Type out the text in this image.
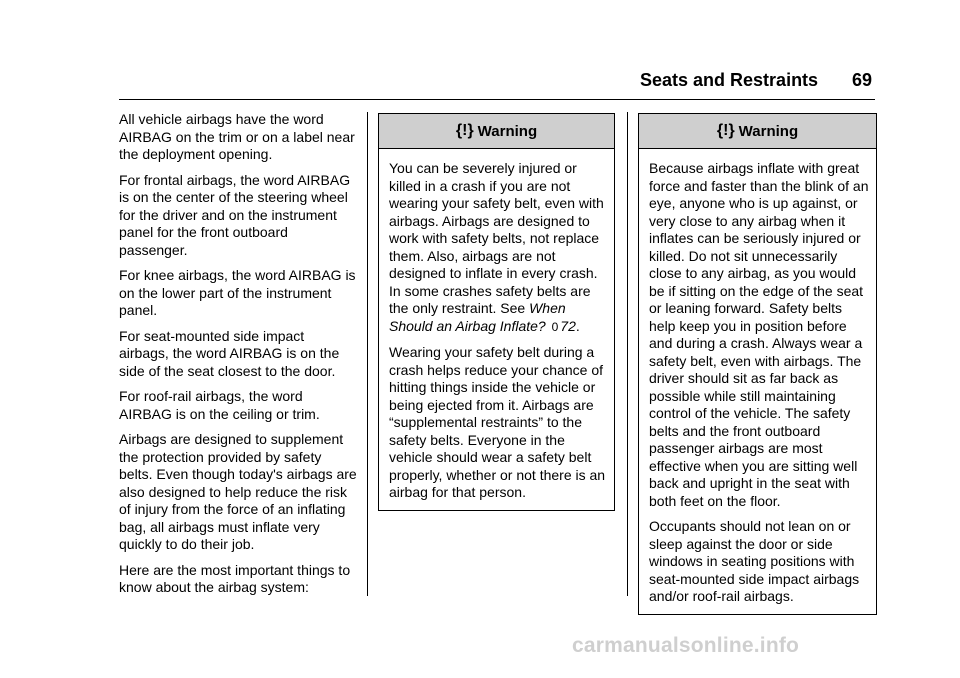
Seats and Restraints 69

All vehicle airbags have the word AIRBAG on the trim or on a label near the deployment opening.

For frontal airbags, the word AIRBAG is on the center of the steering wheel for the driver and on the instrument panel for the front outboard passenger.

For knee airbags, the word AIRBAG is on the lower part of the instrument panel.

For seat-mounted side impact airbags, the word AIRBAG is on the side of the seat closest to the door.

For roof-rail airbags, the word AIRBAG is on the ceiling or trim.

Airbags are designed to supplement the protection provided by safety belts. Even though today's airbags are also designed to help reduce the risk of injury from the force of an inflating bag, all airbags must inflate very quickly to do their job.

Here are the most important things to know about the airbag system:

{!} Warning

You can be severely injured or killed in a crash if you are not wearing your safety belt, even with airbags. Airbags are designed to work with safety belts, not replace them. Also, airbags are not designed to inflate in every crash. In some crashes safety belts are the only restraint. See When Should an Airbag Inflate? 0 72.

Wearing your safety belt during a crash helps reduce your chance of hitting things inside the vehicle or being ejected from it. Airbags are “supplemental restraints” to the safety belts. Everyone in the vehicle should wear a safety belt properly, whether or not there is an airbag for that person.

{!} Warning

Because airbags inflate with great force and faster than the blink of an eye, anyone who is up against, or very close to any airbag when it inflates can be seriously injured or killed. Do not sit unnecessarily close to any airbag, as you would be if sitting on the edge of the seat or leaning forward. Safety belts help keep you in position before and during a crash. Always wear a safety belt, even with airbags. The driver should sit as far back as possible while still maintaining control of the vehicle. The safety belts and the front outboard passenger airbags are most effective when you are sitting well back and upright in the seat with both feet on the floor.

Occupants should not lean on or sleep against the door or side windows in seating positions with seat-mounted side impact airbags and/or roof-rail airbags.

carmanualsonline.info
